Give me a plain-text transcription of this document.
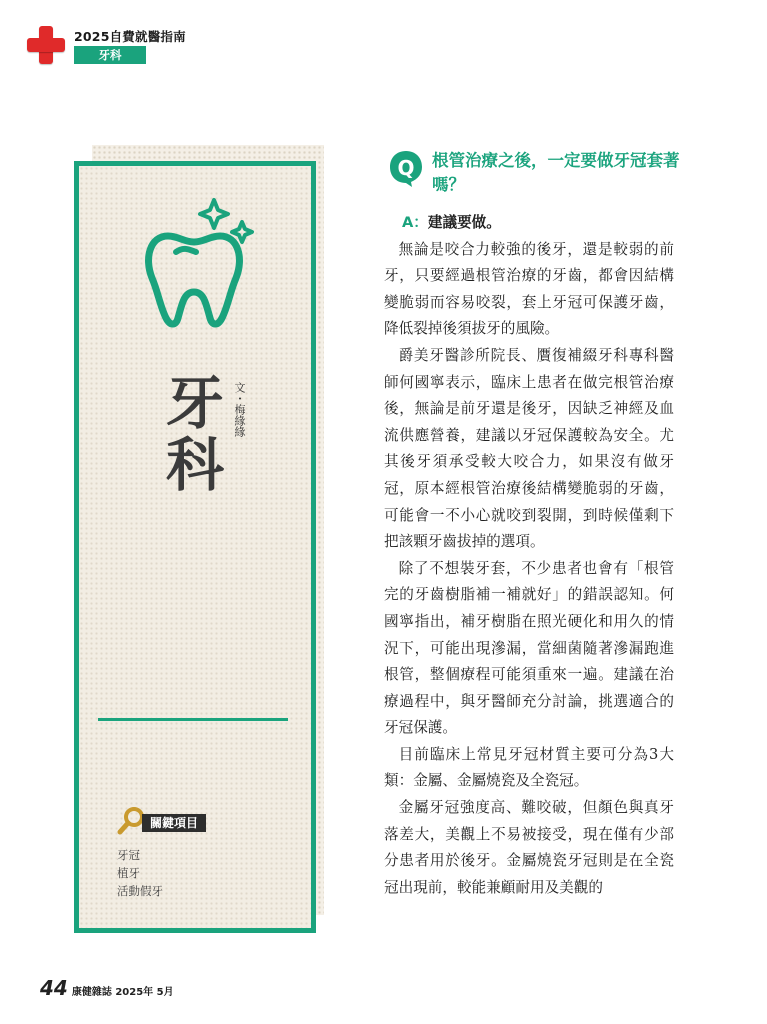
2025自費就醫指南
牙科
牙科
文・梅緣緣
關鍵項目
牙冠
植牙
活動假牙
Q 根管治療之後，一定要做牙冠套著嗎？
A：建議要做。

無論是咬合力較強的後牙，還是較弱的前牙，只要經過根管治療的牙齒，都會因結構變脆弱而容易咬裂，套上牙冠可保護牙齒，降低裂掉後須拔牙的風險。

爵美牙醫診所院長、贋復補綴牙科專科醫師何國寧表示，臨床上患者在做完根管治療後，無論是前牙還是後牙，因缺乏神經及血流供應營養，建議以牙冠保護較為安全。尤其後牙須承受較大咬合力，如果沒有做牙冠，原本經根管治療後結構變脆弱的牙齒，可能會一不小心就咬到裂開，到時候僅剩下把該顆牙齒拔掉的選項。

除了不想裝牙套，不少患者也會有「根管完的牙齒樹脂補一補就好」的錯誤認知。何國寧指出，補牙樹脂在照光硬化和用久的情況下，可能出現滲漏，當細菌隨著滲漏跑進根管，整個療程可能須重來一遍。建議在治療過程中，與牙醫師充分討論，挑選適合的牙冠保護。

目前臨床上常見牙冠材質主要可分為3大類：金屬、金屬燒瓷及全瓷冠。

金屬牙冠強度高、難咬破，但顏色與真牙落差大，美觀上不易被接受，現在僅有少部分患者用於後牙。金屬燒瓷牙冠則是在全瓷冠出現前，較能兼顧耐用及美觀的

44 康健雜誌 2025年 5月
